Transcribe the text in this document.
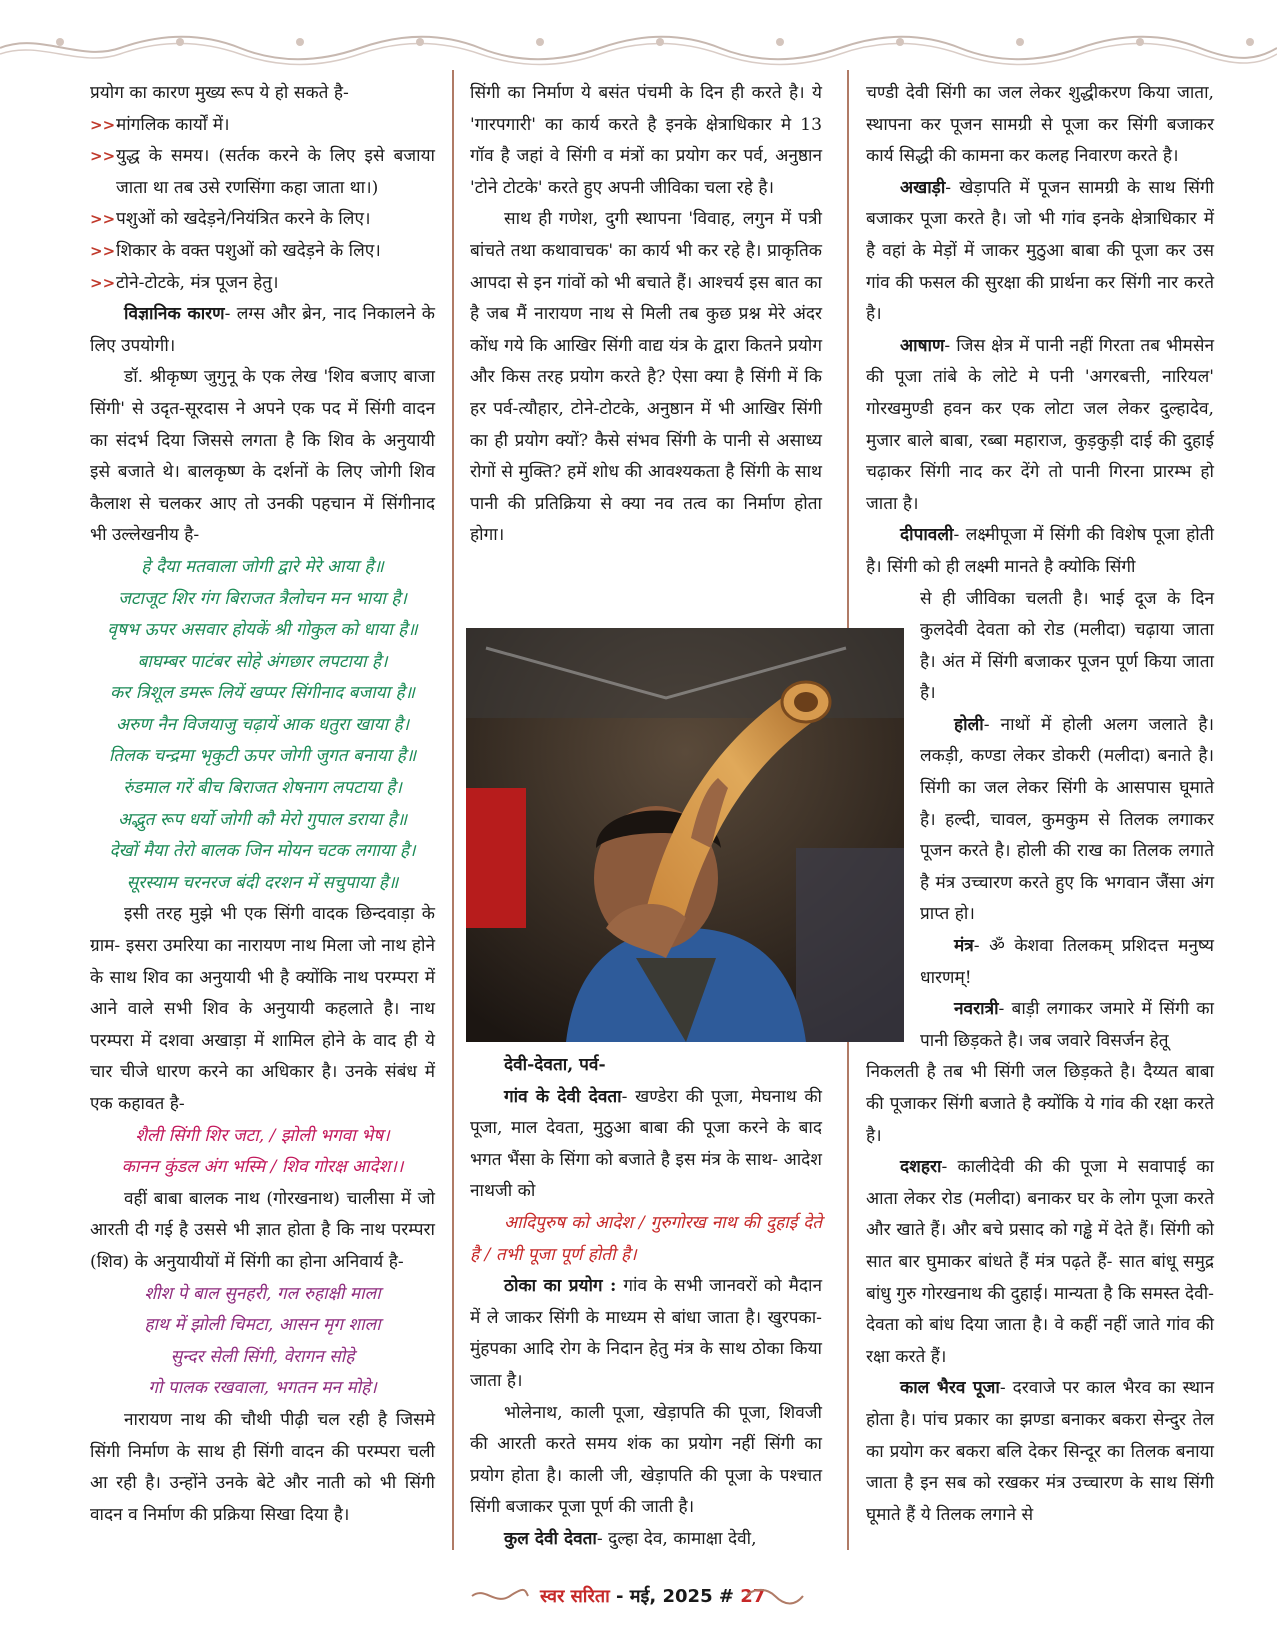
प्रयोग का कारण मुख्य रूप ये हो सकते है-

>> मांगलिक कार्यों में।
>> युद्ध के समय। (सर्तक करने के लिए इसे बजाया जाता था तब उसे रणसिंगा कहा जाता था।)
>> पशुओं को खदेड़ने/नियंत्रित करने के लिए।
>> शिकार के वक्त पशुओं को खदेड़ने के लिए।
>> टोने-टोटके, मंत्र पूजन हेतु।

विज्ञानिक कारण- लग्स और ब्रेन, नाद निकालने के लिए उपयोगी।

डॉ. श्रीकृष्ण जुगुनू के एक लेख 'शिव बजाए बाजा सिंगी' से उदृत-सूरदास ने अपने एक पद में सिंगी वादन का संदर्भ दिया जिससे लगता है कि शिव के अनुयायी इसे बजाते थे। बालकृष्ण के दर्शनों के लिए जोगी शिव कैलाश से चलकर आए तो उनकी पहचान में सिंगीनाद भी उल्लेखनीय है-

हे दैया मतवाला जोगी द्वारे मेरे आया है॥

जटाजूट शिर गंग बिराजत त्रैलोचन मन भाया है।

वृषभ ऊपर असवार होयकें श्री गोकुल को धाया है॥

बाघम्बर पाटंबर सोहे अंगछार लपटाया है।

कर त्रिशूल डमरू लियें खप्पर सिंगीनाद बजाया है॥

अरुण नैन विजयाजु चढ़ायें आक धतुरा खाया है।

तिलक चन्द्रमा भृकुटी ऊपर जोगी जुगत बनाया है॥

रुंडमाल गरें बीच बिराजत शेषनाग लपटाया है।

अद्भुत रूप धर्यो जोगी कौ मेरो गुपाल डराया है॥

देखों मैया तेरो बालक जिन मोयन चटक लगाया है।

सूरस्याम चरनरज बंदी दरशन में सचुपाया है॥

इसी तरह मुझे भी एक सिंगी वादक छिन्दवाड़ा के ग्राम- इसरा उमरिया का नारायण नाथ मिला जो नाथ होने के साथ शिव का अनुयायी भी है क्योंकि नाथ परम्परा में आने वाले सभी शिव के अनुयायी कहलाते है। नाथ परम्परा में दशवा अखाड़ा में शामिल होने के वाद ही ये चार चीजे धारण करने का अधिकार है। उनके संबंध में एक कहावत है-

शैली सिंगी शिर जटा, / झोली भगवा भेष।

कानन कुंडल अंग भस्मि / शिव गोरक्ष आदेश।।

वहीं बाबा बालक नाथ (गोरखनाथ) चालीसा में जो आरती दी गई है उससे भी ज्ञात होता है कि नाथ परम्परा (शिव) के अनुयायीयों में सिंगी का होना अनिवार्य है-

शीश पे बाल सुनहरी, गल रुहाक्षी माला

हाथ में झोली चिमटा, आसन मृग शाला

सुन्दर सेली सिंगी, वेरागन सोहे

गो पालक रखवाला, भगतन मन मोहे।

नारायण नाथ की चौथी पीढ़ी चल रही है जिसमे सिंगी निर्माण के साथ ही सिंगी वादन की परम्परा चली आ रही है। उन्होंने उनके बेटे और नाती को भी सिंगी वादन व निर्माण की प्रक्रिया सिखा दिया है।

सिंगी का निर्माण ये बसंत पंचमी के दिन ही करते है। ये 'गारपगारी' का कार्य करते है इनके क्षेत्राधिकार मे 13 गॉव है जहां वे सिंगी व मंत्रों का प्रयोग कर पर्व, अनुष्ठान 'टोने टोटके' करते हुए अपनी जीविका चला रहे है।

साथ ही गणेश, दुगी स्थापना 'विवाह, लगुन में पत्री बांचते तथा कथावाचक' का कार्य भी कर रहे है। प्राकृतिक आपदा से इन गांवों को भी बचाते हैं। आश्चर्य इस बात का है जब मैं नारायण नाथ से मिली तब कुछ प्रश्न मेरे अंदर कोंध गये कि आखिर सिंगी वाद्य यंत्र के द्वारा कितने प्रयोग और किस तरह प्रयोग करते है? ऐसा क्या है सिंगी में कि हर पर्व-त्यौहार, टोने-टोटके, अनुष्ठान में भी आखिर सिंगी का ही प्रयोग क्यों? कैसे संभव सिंगी के पानी से असाध्य रोगों से मुक्ति? हमें शोध की आवश्यकता है सिंगी के साथ पानी की प्रतिक्रिया से क्या नव तत्व का निर्माण होता होगा।

देवी-देवता, पर्व-

गांव के देवी देवता- खण्डेरा की पूजा, मेघनाथ की पूजा, माल देवता, मुठुआ बाबा की पूजा करने के बाद भगत भैंसा के सिंगा को बजाते है इस मंत्र के साथ- आदेश नाथजी को

आदिपुरुष को आदेश / गुरुगोरख नाथ की दुहाई देते है / तभी पूजा पूर्ण होती है।

ठोका का प्रयोग : गांव के सभी जानवरों को मैदान में ले जाकर सिंगी के माध्यम से बांधा जाता है। खुरपका-मुंहपका आदि रोग के निदान हेतु मंत्र के साथ ठोका किया जाता है।

भोलेनाथ, काली पूजा, खेड़ापति की पूजा, शिवजी की आरती करते समय शंक का प्रयोग नहीं सिंगी का प्रयोग होता है। काली जी, खेड़ापति की पूजा के पश्चात सिंगी बजाकर पूजा पूर्ण की जाती है।

कुल देवी देवता- दुल्हा देव, कामाक्षा देवी,

चण्डी देवी सिंगी का जल लेकर शुद्धीकरण किया जाता, स्थापना कर पूजन सामग्री से पूजा कर सिंगी बजाकर कार्य सिद्धी की कामना कर कलह निवारण करते है।

अखाड़ी- खेड़ापति में पूजन सामग्री के साथ सिंगी बजाकर पूजा करते है। जो भी गांव इनके क्षेत्राधिकार में है वहां के मेड़ों में जाकर मुठुआ बाबा की पूजा कर उस गांव की फसल की सुरक्षा की प्रार्थना कर सिंगी नार करते है।

आषाण- जिस क्षेत्र में पानी नहीं गिरता तब भीमसेन की पूजा तांबे के लोटे मे पनी 'अगरबत्ती, नारियल' गोरखमुण्डी हवन कर एक लोटा जल लेकर दुल्हादेव, मुजार बाले बाबा, रब्बा महाराज, कुड़कुड़ी दाई की दुहाई चढ़ाकर सिंगी नाद कर देंगे तो पानी गिरना प्रारम्भ हो जाता है।

दीपावली- लक्ष्मीपूजा में सिंगी की विशेष पूजा होती है। सिंगी को ही लक्ष्मी मानते है क्योकि सिंगी

से ही जीविका चलती है। भाई दूज के दिन कुलदेवी देवता को रोड (मलीदा) चढ़ाया जाता है। अंत में सिंगी बजाकर पूजन पूर्ण किया जाता है।

होली- नाथों में होली अलग जलाते है। लकड़ी, कण्डा लेकर डोकरी (मलीदा) बनाते है। सिंगी का जल लेकर सिंगी के आसपास घूमाते है। हल्दी, चावल, कुमकुम से तिलक लगाकर पूजन करते है। होली की राख का तिलक लगाते है मंत्र उच्चारण करते हुए कि भगवान जैंसा अंग प्राप्त हो।

मंत्र- ॐ केशवा तिलकम् प्रशिदत्त मनुष्य धारणम्!

नवरात्री- बाड़ी लगाकर जमारे में सिंगी का पानी छिड़कते है। जब जवारे विसर्जन हेतू

निकलती है तब भी सिंगी जल छिड़कते है। दैय्यत बाबा की पूजाकर सिंगी बजाते है क्योंकि ये गांव की रक्षा करते है।

दशहरा- कालीदेवी की की पूजा मे सवापाई का आता लेकर रोड (मलीदा) बनाकर घर के लोग पूजा करते और खाते हैं। और बचे प्रसाद को गड्ढे में देते हैं। सिंगी को सात बार घुमाकर बांधते हैं मंत्र पढ़ते हैं- सात बांधू समुद्र बांधु गुरु गोरखनाथ की दुहाई। मान्यता है कि समस्त देवी-देवता को बांध दिया जाता है। वे कहीं नहीं जाते गांव की रक्षा करते हैं।

काल भैरव पूजा- दरवाजे पर काल भैरव का स्थान होता है। पांच प्रकार का झण्डा बनाकर बकरा सेन्दुर तेल का प्रयोग कर बकरा बलि देकर सिन्दूर का तिलक बनाया जाता है इन सब को रखकर मंत्र उच्चारण के साथ सिंगी घूमाते हैं ये तिलक लगाने से

स्वर सरिता - मई, 2025 # 27
